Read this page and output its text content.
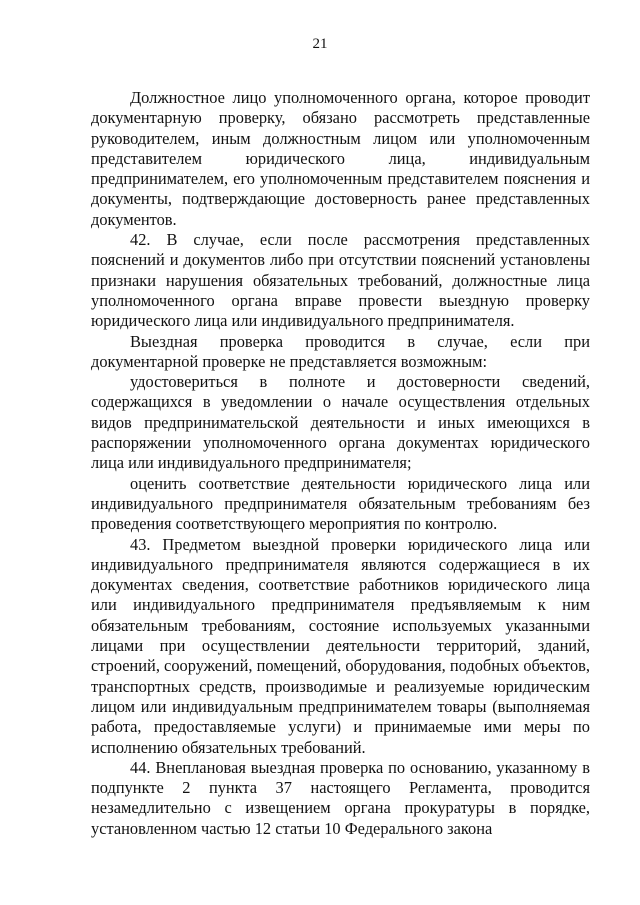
21

Должностное лицо уполномоченного органа, которое проводит документарную проверку, обязано рассмотреть представленные руководителем, иным должностным лицом или уполномоченным представителем юридического лица, индивидуальным предпринимателем, его уполномоченным представителем пояснения и документы, подтверждающие достоверность ранее представленных документов.

42. В случае, если после рассмотрения представленных пояснений и документов либо при отсутствии пояснений установлены признаки нарушения обязательных требований, должностные лица уполномоченного органа вправе провести выездную проверку юридического лица или индивидуального предпринимателя.

Выездная проверка проводится в случае, если при документарной проверке не представляется возможным:

удостовериться в полноте и достоверности сведений, содержащихся в уведомлении о начале осуществления отдельных видов предпринимательской деятельности и иных имеющихся в распоряжении уполномоченного органа документах юридического лица или индивидуального предпринимателя;

оценить соответствие деятельности юридического лица или индивидуального предпринимателя обязательным требованиям без проведения соответствующего мероприятия по контролю.

43. Предметом выездной проверки юридического лица или индивидуального предпринимателя являются содержащиеся в их документах сведения, соответствие работников юридического лица или индивидуального предпринимателя предъявляемым к ним обязательным требованиям, состояние используемых указанными лицами при осуществлении деятельности территорий, зданий, строений, сооружений, помещений, оборудования, подобных объектов, транспортных средств, производимые и реализуемые юридическим лицом или индивидуальным предпринимателем товары (выполняемая работа, предоставляемые услуги) и принимаемые ими меры по исполнению обязательных требований.

44. Внеплановая выездная проверка по основанию, указанному в подпункте 2 пункта 37 настоящего Регламента, проводится незамедлительно с извещением органа прокуратуры в порядке, установленном частью 12 статьи 10 Федерального закона
